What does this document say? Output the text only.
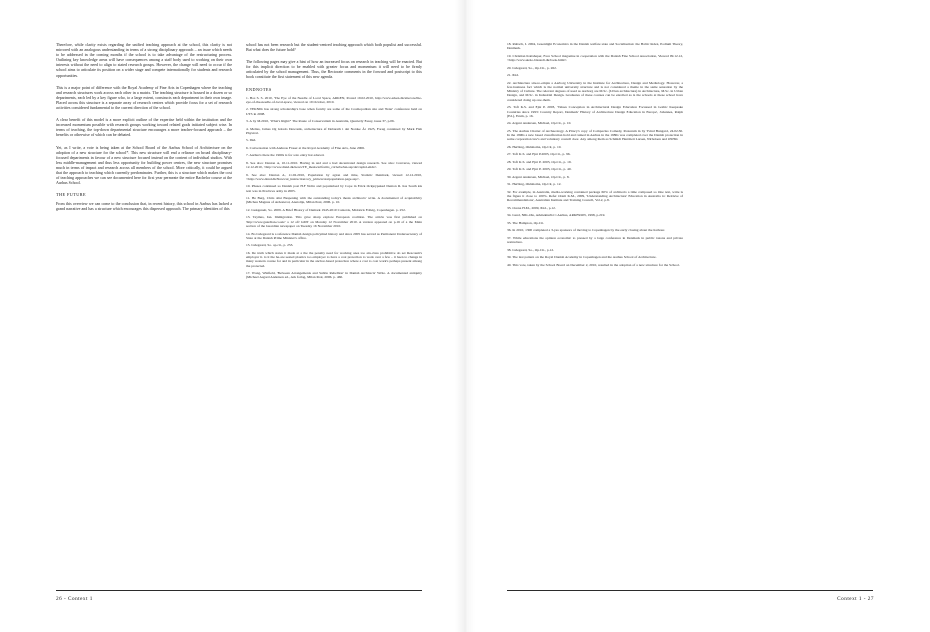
Therefore, while clarity exists regarding the unified teaching approach at the school, this clarity is not mirrored with an analogous understanding in terms of a strong disciplinary approach – an issue which needs to be addressed in the coming months if the school is to take advantage of the restructuring process. Outlining key knowledge areas will have consequences among a staff body used to working on their own interests without the need to align to stated research groups. However, the change will need to occur if the school aims to articulate its position on a wider stage and compete internationally for students and research opportunities.

This is a major point of difference with the Royal Academy of Fine Arts in Copenhagen where the teaching and research structures work across each other in a matrix. The teaching structure is housed in a dozen or so departments, each led by a key figure who, to a large extent, constructs each department in their own image. Placed across this structure is a separate array of research centres which provide focus for a set of research activities considered fundamental to the current direction of the school.

A clear benefit of this model is a more explicit outline of the expertise held within the institution and the increased momentum possible with research groups working toward related goals initiated subject wise. In terms of teaching, the top-down departmental structure encourages a more teacher-focused approach – the benefits or otherwise of which can be debated.

Yet, as I write, a vote is being taken at the School Board of the Aarhus School of Architecture on the adoption of a new structure for the school*. This new structure will end a reliance on broad disciplinary-focused departments in favour of a new structure focused instead on the content of individual studios. With less middle-management and thus less opportunity for building power centres, the new structure promises much in terms of impact and research across all members of the school. More critically, it could be argued that the approach to teaching which currently predominates. Further, this is a structure which makes the cost of teaching approaches we can see documented here for first year permeate the entire Bachelor course at the Aarhus School.

THE FUTURE

From this overview we can come to the conclusion that, in recent history, this school in Aarhus has lacked a grand narrative and has a structure which encourages this dispersed approach. The primary identities of this

school has not been research but the student-centred teaching approach which both populist and successful. But what does the future hold?

The following pages may give a hint of how an increased focus on research in teaching will be enacted. But for this implicit direction to be enabled with greater focus and momentum it will need to be firmly articulated by the school management. Thus, the Rectorate comments in the forward and postscript to this book constitute the first statement of this new agenda.

ENDNOTES

1. Bos S. S. 2010, 'The Eye of the Needle of Local Space, ARKEN, Posted 19.02.2010, http://www.arken.dk/sitecore/the-eye-of-the-needle-of-local-space, viewed on 19 October, 2010.

2. TEKNIK has strong scholarship's base when faculty are some of the Cosmopolitan site and 'Peter' conference held on UTS in 2008.

3. A by M.2010, 'What's Right?' The Route of Conservatism in Australia, Quarterly Essay, issue 37, p.06.

4. Melies, James Og Gitado Dewonik, archeitecture af Debarath i det Norske År 1925, Forøg contained by Mark Fish Physical.

5. Ibid.

6. Conversation with Andreas Fraser at the Royal Academy of Fine Arts, June 2006.

7. Aarhus's there the 1960s is for solo entry hat educed.

8. See also: Danton A, 10.11.2010. Having in and and a had decentrated design research. See also: Conversa, viewed 12.12.2010, <http://www.dnnd.dk/news/TE_thesis/artforms_cd/ArbeJun.asp/dev/aphd-ehds>.

9. See also: Danton A, 11.02.2010, Population by agion and time, Statistic Denmark, viewed 12.12.2010, <http://www.dnnd.dk/News/ut_instruction/acy_pd/new/statpopulation.page.asp>.

10. Phases continued so Danish post H.F Nolin and popularised by Cope in Erick Ockjeypaked Denton R. has South kis text was in Practices army in 2005.

11. He Berg, Chris alist Ekspening with the outstanding today's thesis architects' write. A documented of acquisitivity (Michau Magnus of Ardesterol, Anatolije, Milan Peal, 2006. p. 10.

12. Liekgeneit, So. 2009. A Brief History of Demark 1945-2010 Contexts, Midotick Folkig, Copenhagen. p. 252.

13. Taymes, Ian. Immigration. This gave sharp explore European coalition. The article was first published on 'http://www.guardian.co.uk/' a 12 ofJ GMT on Monday 12 November 2010. A version appeared on p.16 of a the Main section of the Guardian newspaper on Tuesday 16 November 2010.

14. Bo Lidegaard is a reference Danish design policymad history and since 2005 has served as Permanent Undersecretary of State at the Danish Prime Minister's office.

15. Lidegaard, So. op.cit., p. 253.

16. De truth which states it made at a the the penalty need for working ones too ain-class prohibitive do set Rescoum's employer it. is it the he-are seated plastics too employer to have a cost protection to work over a few – it been to change in many western course for and in particular in the anchor-based protection where a cost to cost work's perhaps present among the protected.

17. Wong, Winfield, 'Between Arrangements and Subtle Rebellion' in Danish Architects' Write. A documented antiquity (Michael Asgard Andersen ed., Ark forlag, Milan Peal, 2006. p. 460.

26 - Context 1

18. Raltsch, I. 2004, Greenlight Economics in the Danish welfare state and Socialisation: the Baltic Index, Podium Theory, Denmark.

19. Christian Kattshaper, Face School magazine in cooperation with the Danish Fine School Association, Viewed 09.12.12, <http://www.skole-bisstedt.dk/book.html>.

20. Lidegaard, So., Op.Cit., p. 262.

21. Ibid.

22. Architecture site-to-empla a Aarborg University in the Institute for Architecture, Design and Mediology. However, a few-business fact which is the normal university structure and is not considered a theme in the same sensation by the Ministry of Culture. The relevant degrees of used as Aarborg are M.Sc. (Urban architecture) in Architecture, M.Sc. in Urban Design, and M.Sc. in Industrial Design. Graduates of these courses can be enrolled as is the schools at these school have considered doing up one-them.

23. Toft K.S. and Ejnt P. 2003, 'Values Conception in Architectural Design Education Focussed in Gothic Keepsake Countries since 1993: Country Report, Denmark' History of Architecture Design Education in Europe', Johannes, Ralph (Ed.), Erum, p. 16.

24. Argent Andersen, Michael, Op.Cit., p. 10.

25. The Aarhus Charter of Archaeology. A Piracy's copy of Compactus Comedy, Posterum in by Tvind Bungard, 24.02.30. In the 1990s a new based classification hold and ruined in Aarhus in the 1980s was completed over the Danish protection in some corporation law's and voluntary council door. Any among them as Schmidt Herrmett Larsen, Nirbolsen and OSHO.

26. Herbing, Oklahoma, Op.Cit, p. 10.

27. Toft K.S. and Ejnt P.2003, Op.Cit., p. 96.

28. Toft K.S. and Ejnt P. 2003, Op.Cit., p. 19.

29. Toft K.S. and Ejnt P. 2003, Op.Cit., p. 40.

30. Argent Andersen, Michael, Op.Cit., p. 8.

31. Herbing, Oklahoma, Op.Cit, p. 12.

32. For example, in Australia, media-working contained package 60% of architects a time composed so One text, write is the figure it close to 100%. Refer Oram K.M., 2009, 'Understanding Architecture' Education in Australia is: Retrieve of Recommendations', Australian Institute and Training Council, Vol.2, p.8.

33. Ocena H.M., 2009, Ibid., p.12.

34. Lund, NIK-Ole, Arkitekturliæ i Aarhus, ARKFRON, 1998, p.219.

35. The Hampton, Op.Cit.

36. In 2010, 1300 completed a 3-yes sponsors of moving to Copenhagen by the early closing about the harbour.

37. While educations the opinion economic to pressed by a large conference in Denmark in public taxons and private restructure.

38. Lidegaard, So., Op.Cit., p.12.

39. The last pattern on the Royal Danish Academy in Copenhagen and the Aarhus School of Architecture.

40. This vote, taken by the School Board on December 2, 2010, resulted in the adoption of a new structure for the School.

􀀀
Context 1 - 27
